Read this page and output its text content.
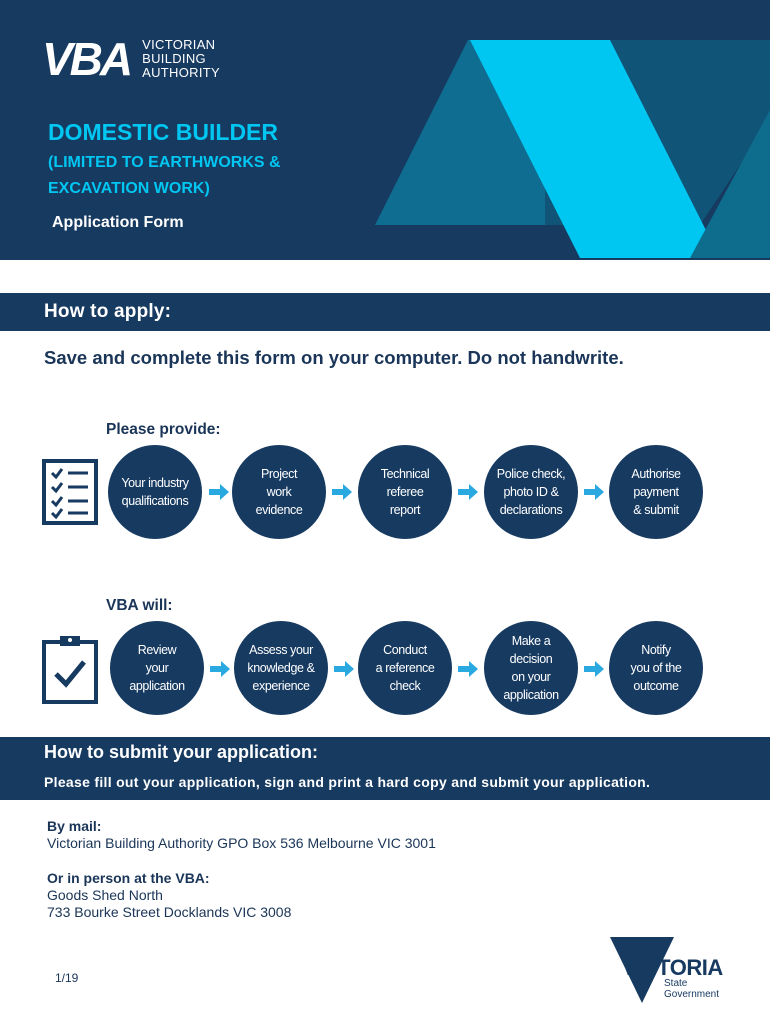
VBA VICTORIAN
BUILDING
AUTHORITY
DOMESTIC BUILDER
(LIMITED TO EARTHWORKS &
EXCAVATION WORK)
Application Form
How to apply:
Save and complete this form on your computer. Do not handwrite.
Please provide:
Your industry
qualifications
Project
work
evidence
Technical
referee
report
Police check,
photo ID &
declarations
Authorise
payment
& submit
VBA will:
Review
your
application
Assess your
knowledge &
experience
Conduct
a reference
check
Make a
decision
on your
application
Notify
you of the
outcome
How to submit your application:
Please fill out your application, sign and print a hard copy and submit your application.
By mail:
Victorian Building Authority GPO Box 536 Melbourne VIC 3001
Or in person at the VBA:
Goods Shed North
733 Bourke Street Docklands VIC 3008
1/19	VICTORIA
State
Government
